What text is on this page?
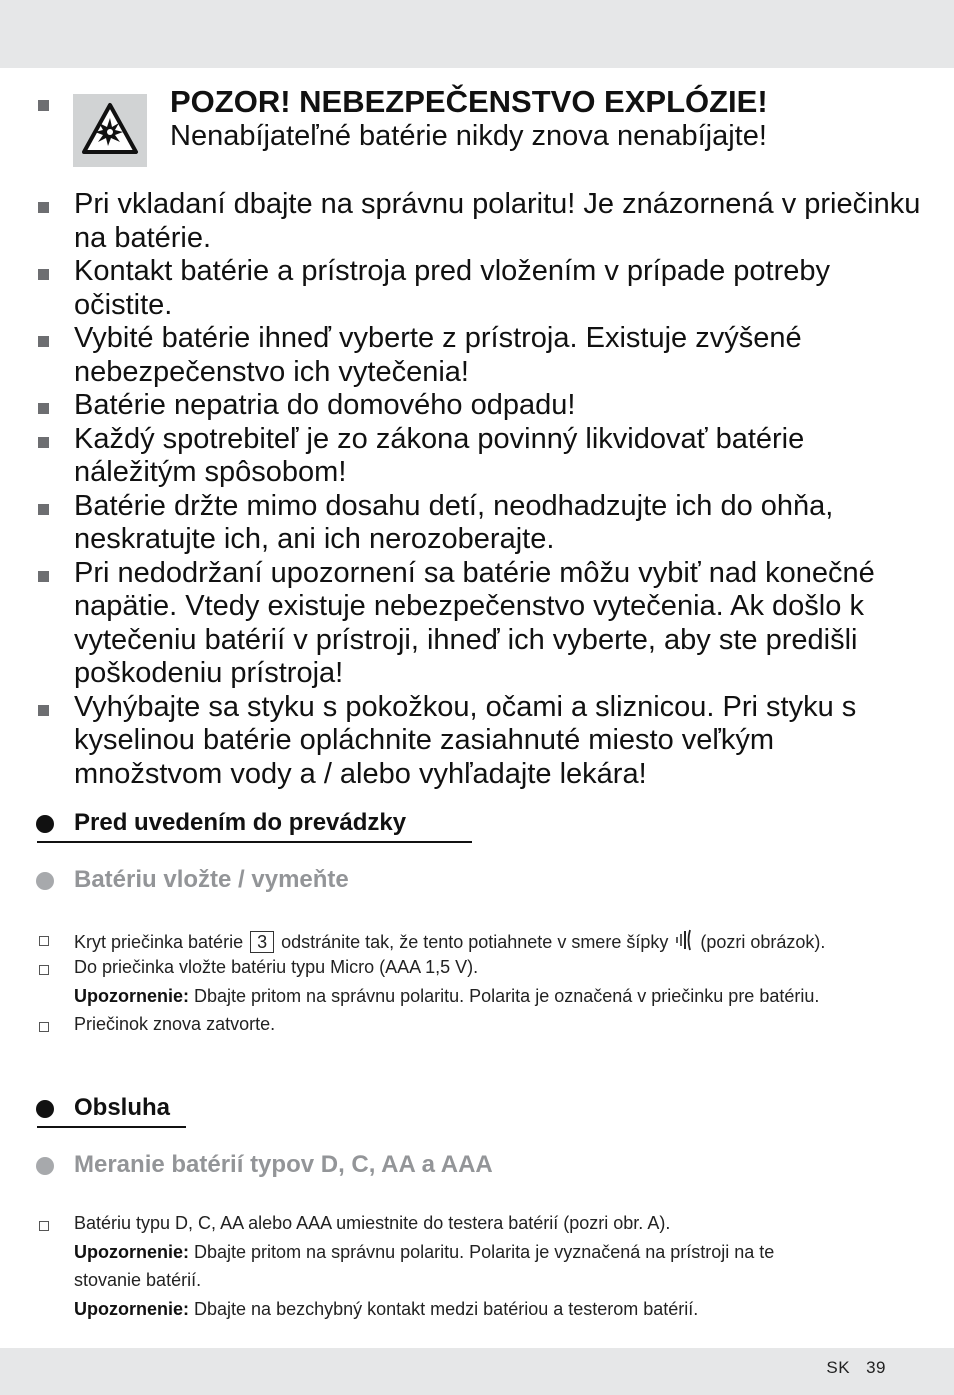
POZOR! NEBEZPEČENSTVO EXPLÓZIE!
Nenabíjateľné batérie nikdy znova nenabíjajte!

Pri vkladaní dbajte na správnu polaritu! Je znázornená v priečinku na batérie.

Kontakt batérie a prístroja pred vložením v prípade potreby očistite.

Vybité batérie ihneď vyberte z prístroja. Existuje zvýšené nebezpečenstvo ich vytečenia!

Batérie nepatria do domového odpadu!

Každý spotrebiteľ je zo zákona povinný likvidovať batérie náležitým spôsobom!

Batérie držte mimo dosahu detí, neodhadzujte ich do ohňa, neskratujte ich, ani ich nerozoberajte.

Pri nedodržaní upozornení sa batérie môžu vybiť nad konečné napätie. Vtedy existuje nebezpečenstvo vytečenia. Ak došlo k vytečeniu batérií v prístroji, ihneď ich vyberte, aby ste predišli poškodeniu prístroja!

Vyhýbajte sa styku s pokožkou, očami a sliznicou. Pri styku s kyselinou batérie opláchnite zasiahnuté miesto veľkým množstvom vody a / alebo vyhľadajte lekára!

Pred uvedením do prevádzky
Batériu vložte / vymeňte
Kryt priečinka batérie 3 odstránite tak, že tento potiahnete v smere šípky (pozri obrázok).
Do priečinka vložte batériu typu Micro (AAA 1,5 V).
Upozornenie: Dbajte pritom na správnu polaritu. Polarita je označená v priečinku pre batériu.
Priečinok znova zatvorte.
Obsluha
Meranie batérií typov D, C, AA a AAA
Batériu typu D, C, AA alebo AAA umiestnite do testera batérií (pozri obr. A).
Upozornenie: Dbajte pritom na správnu polaritu. Polarita je vyznačená na prístroji na te
stovanie batérií.
Upozornenie: Dbajte na bezchybný kontakt medzi batériou a testerom batérií.
SK 39
